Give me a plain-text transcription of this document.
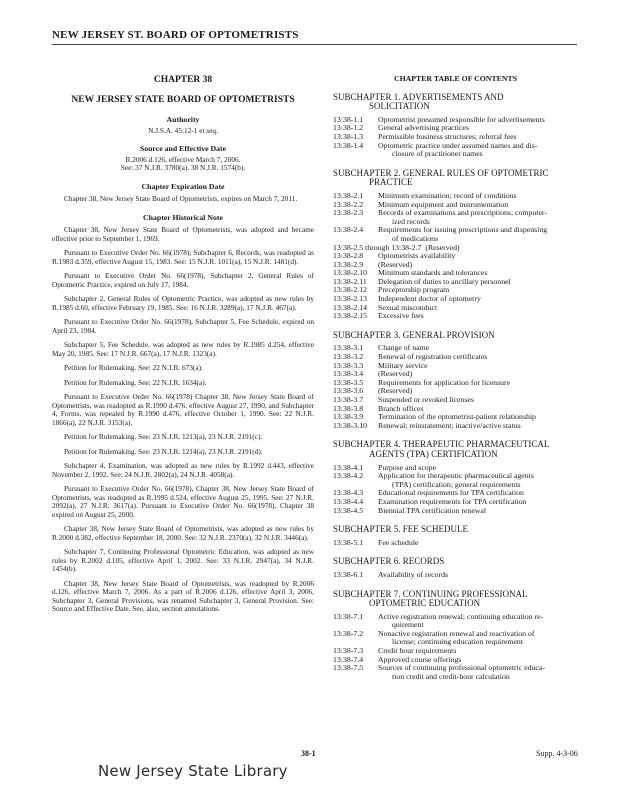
NEW JERSEY ST. BOARD OF OPTOMETRISTS
CHAPTER 38
NEW JERSEY STATE BOARD OF OPTOMETRISTS
Authority
N.J.S.A. 45:12-1 et seq.
Source and Effective Date
R.2006 d.126, effective March 7, 2006.
See: 37 N.J.R. 3780(a), 38 N.J.R. 1574(b).
Chapter Expiration Date

Chapter 38, New Jersey State Board of Optometrists, expires on March 7, 2011.

Chapter Historical Note

Chapter 38, New Jersey State Board of Optometrists, was adopted and became effective prior to September 1, 1969.

Pursuant to Executive Order No. 66(1978), Subchapter 6, Records, was readopted as R.1983 d.359, effective August 15, 1983. See: 15 N.J.R. 1011(a), 15 N.J.R. 1481(d).

Pursuant to Executive Order No. 66(1978), Subchapter 2, General Rules of Optometric Practice, expired on July 17, 1984.

Subchapter 2, General Rules of Optometric Practice, was adopted as new rules by R.1985 d.60, effective February 19, 1985. See: 16 N.J.R. 3289(a), 17 N.J.R. 467(a).

Pursuant to Executive Order No. 66(1978), Subchapter 5, Fee Schedule, expired on April 23, 1984.

Subchapter 5, Fee Schedule, was adopted as new rules by R.1985 d.254, effective May 20, 1985. See: 17 N.J.R. 667(a), 17 N.J.R. 1323(a).

Petition for Rulemaking. See: 22 N.J.R. 673(a).

Petition for Rulemaking. See: 22 N.J.R. 1634(a).

Pursuant to Executive Order No. 66(1978) Chapter 38, New Jersey State Board of Optometrists, was readopted as R.1990 d.476, effective August 27, 1990, and Subchapter 4, Forms, was repealed by R.1990 d.476, effective October 1, 1990. See: 22 N.J.R. 1866(a), 22 N.J.R. 3153(a).

Petition for Rulemaking. See: 23 N.J.R. 1213(a), 23 N.J.R. 2191(c).

Petition for Rulemaking. See: 23 N.J.R. 1214(a), 23 N.J.R. 2191(d).

Subchapter 4, Examination, was adopted as new rules by R.1992 d.443, effective November 2, 1992. See: 24 N.J.R. 2802(a), 24 N.J.R. 4058(a).

Pursuant to Executive Order No. 66(1978), Chapter 38, New Jersey State Board of Optometrists, was readopted as R.1995 d.524, effective August 25, 1995. See: 27 N.J.R. 2092(a), 27 N.J.R. 3617(a). Pursuant to Executive Order No. 66(1978), Chapter 38 expired on August 25, 2000.

Chapter 38, New Jersey State Board of Optometrists, was adopted as new rules by R.2000 d.382, effective September 18, 2000. See: 32 N.J.R. 2370(a), 32 N.J.R. 3446(a).

Subchapter 7, Continuing Professional Optometric Education, was adopted as new rules by R.2002 d.105, effective April 1, 2002. See: 33 N.J.R. 2947(a), 34 N.J.R. 1454(b).

Chapter 38, New Jersey State Board of Optometrists, was readopted by R.2006 d.126, effective March 7, 2006. As a part of R.2006 d.126, effective April 3, 2006, Subchapter 3, General Provisions, was renamed Subchapter 3, General Provision. See: Source and Effective Date. See, also, section annotations.

CHAPTER TABLE OF CONTENTS
SUBCHAPTER 1. ADVERTISEMENTS AND
SOLICITATION
13:38-1.1	Optometrist presumed responsible for advertisements
13:38-1.2	General advertising practices
13:38-1.3	Permissible business structures; referral fees
13:38-1.4	Optometric practice under assumed names and dis-
closure of practitioner names
SUBCHAPTER 2. GENERAL RULES OF OPTOMETRIC
PRACTICE
13:38-2.1	Minimum examination; record of conditions
13:38-2.2	Minimum equipment and instrumentation
13:38-2.3	Records of examinations and prescriptions; computer-
ized records
13:38-2.4	Requirements for issuing prescriptions and dispensing
of medications
13:38-2.5 through 13:38-2.7 (Reserved)
13:38-2.8	Optometrists availability
13:38-2.9	(Reserved)
13:38-2.10	Minimum standards and tolerances
13:38-2.11	Delegation of duties to ancillary personnel
13:38-2.12	Preceptorship program
13:38-2.13	Independent doctor of optometry
13:38-2.14	Sexual misconduct
13:38-2.15	Excessive fees
SUBCHAPTER 3. GENERAL PROVISION
13:38-3.1	Change of name
13:38-3.2	Renewal of registration certificates
13:38-3.3	Military service
13:38-3.4	(Reserved)
13:38-3.5	Requirements for application for licensure
13:38-3.6	(Reserved)
13:38-3.7	Suspended or revoked licenses
13:38-3.8	Branch offices
13:38-3.9	Termination of the optometrist-patient relationship
13:38-3.10	Renewal; reinstatement; inactive/active status
SUBCHAPTER 4. THERAPEUTIC PHARMACEUTICAL
AGENTS (TPA) CERTIFICATION
13:38-4.1	Purpose and scope
13:38-4.2	Application for therapeutic pharmaceutical agents
(TPA) certification; general requirements
13:38-4.3	Educational requirements for TPA certification
13:38-4.4	Examination requirements for TPA certification
13:38-4.5	Biennial TPA certification renewal
SUBCHAPTER 5. FEE SCHEDULE
13:38-5.1	Fee schedule
SUBCHAPTER 6. RECORDS
13:38-6.1	Availability of records
SUBCHAPTER 7. CONTINUING PROFESSIONAL
OPTOMETRIC EDUCATION
13:38-7.1	Active registration renewal; continuing education re-
quirement
13:38-7.2	Nonactive registration renewal and reactivation of
license; continuing education requirement
13:38-7.3	Credit hour requirements
13:38-7.4	Approved course offerings
13:38-7.5	Sources of continuing professional optometric educa-
tion credit and credit-hour calculation
38-1	Supp. 4-3-06
New Jersey State Library
